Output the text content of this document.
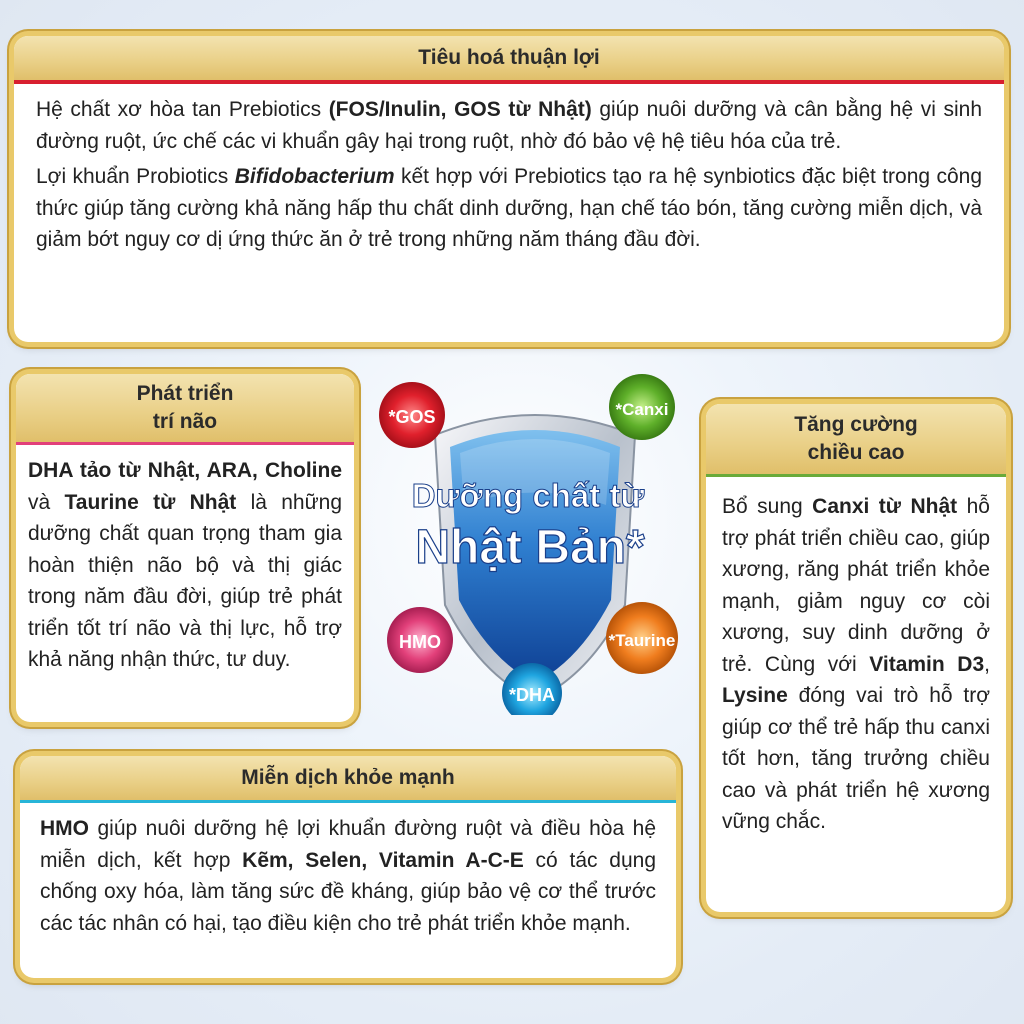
Tiêu hoá thuận lợi

Hệ chất xơ hòa tan Prebiotics (FOS/Inulin, GOS từ Nhật) giúp nuôi dưỡng và cân bằng hệ vi sinh đường ruột, ức chế các vi khuẩn gây hại trong ruột, nhờ đó bảo vệ hệ tiêu hóa của trẻ.

Lợi khuẩn Probiotics Bifidobacterium kết hợp với Prebiotics tạo ra hệ synbiotics đặc biệt trong công thức giúp tăng cường khả năng hấp thu chất dinh dưỡng, hạn chế táo bón, tăng cường miễn dịch, và giảm bớt nguy cơ dị ứng thức ăn ở trẻ trong những năm tháng đầu đời.

Phát triển
trí não

DHA tảo từ Nhật, ARA, Choline và Taurine từ Nhật là những dưỡng chất quan trọng tham gia hoàn thiện não bộ và thị giác trong năm đầu đời, giúp trẻ phát triển tốt trí não và thị lực, hỗ trợ khả năng nhận thức, tư duy.

Tăng cường
chiều cao

Bổ sung Canxi từ Nhật hỗ trợ phát triển chiều cao, giúp xương, răng phát triển khỏe mạnh, giảm nguy cơ còi xương, suy dinh dưỡng ở trẻ. Cùng với Vitamin D3, Lysine đóng vai trò hỗ trợ giúp cơ thể trẻ hấp thu canxi tốt hơn, tăng trưởng chiều cao và phát triển hệ xương vững chắc.

Miễn dịch khỏe mạnh

HMO giúp nuôi dưỡng hệ lợi khuẩn đường ruột và điều hòa hệ miễn dịch, kết hợp Kẽm, Selen, Vitamin A-C-E có tác dụng chống oxy hóa, làm tăng sức đề kháng, giúp bảo vệ cơ thể trước các tác nhân có hại, tạo điều kiện cho trẻ phát triển khỏe mạnh.

*GOS	*Canxi
HMO	*Taurine
*DHA
Dưỡng chất từ
Nhật Bản*
